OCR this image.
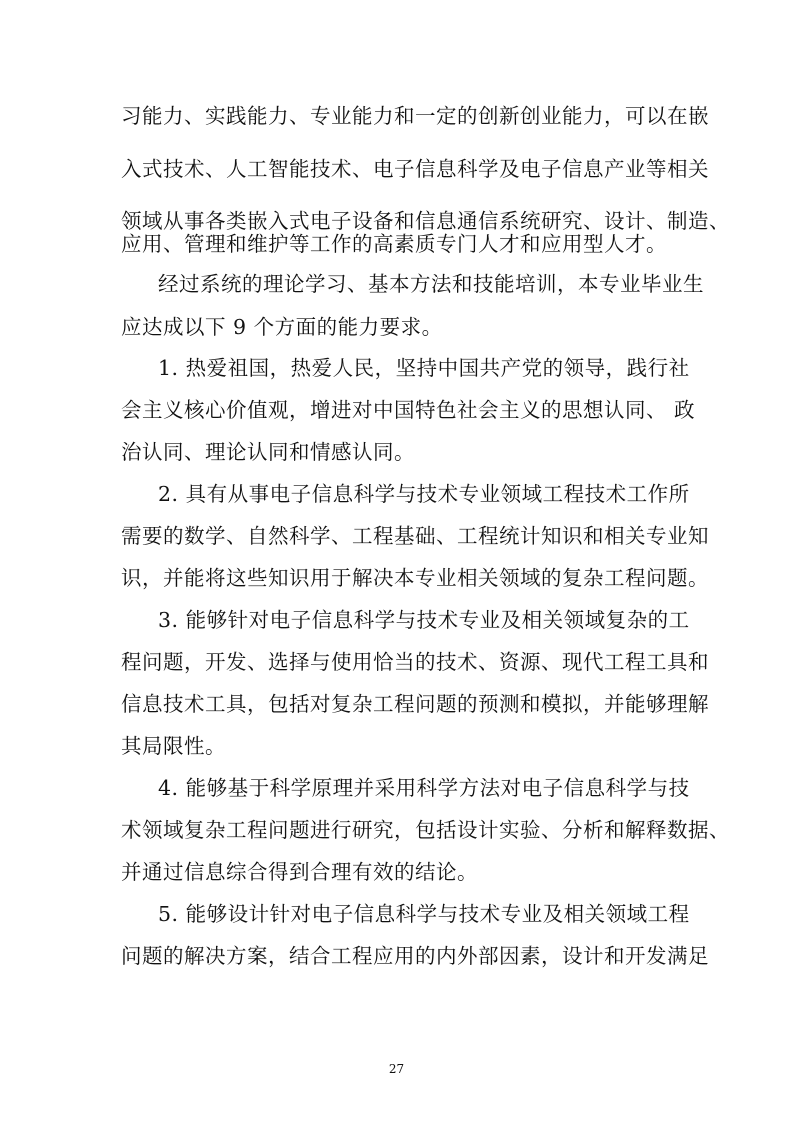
习能力、实践能力、专业能力和一定的创新创业能力，可以在嵌
入式技术、人工智能技术、电子信息科学及电子信息产业等相关
领域从事各类嵌入式电子设备和信息通信系统研究、设计、制造、
应用、管理和维护等工作的高素质专门人才和应用型人才。
经过系统的理论学习、基本方法和技能培训，本专业毕业生
应达成以下 9 个方面的能力要求。
1. 热爱祖国，热爱人民，坚持中国共产党的领导，践行社
会主义核心价值观，增进对中国特色社会主义的思想认同、 政
治认同、理论认同和情感认同。
2. 具有从事电子信息科学与技术专业领域工程技术工作所
需要的数学、自然科学、工程基础、工程统计知识和相关专业知
识，并能将这些知识用于解决本专业相关领域的复杂工程问题。
3. 能够针对电子信息科学与技术专业及相关领域复杂的工
程问题，开发、选择与使用恰当的技术、资源、现代工程工具和
信息技术工具，包括对复杂工程问题的预测和模拟，并能够理解
其局限性。
4. 能够基于科学原理并采用科学方法对电子信息科学与技
术领域复杂工程问题进行研究，包括设计实验、分析和解释数据、
并通过信息综合得到合理有效的结论。
5. 能够设计针对电子信息科学与技术专业及相关领域工程
问题的解决方案，结合工程应用的内外部因素，设计和开发满足
27
